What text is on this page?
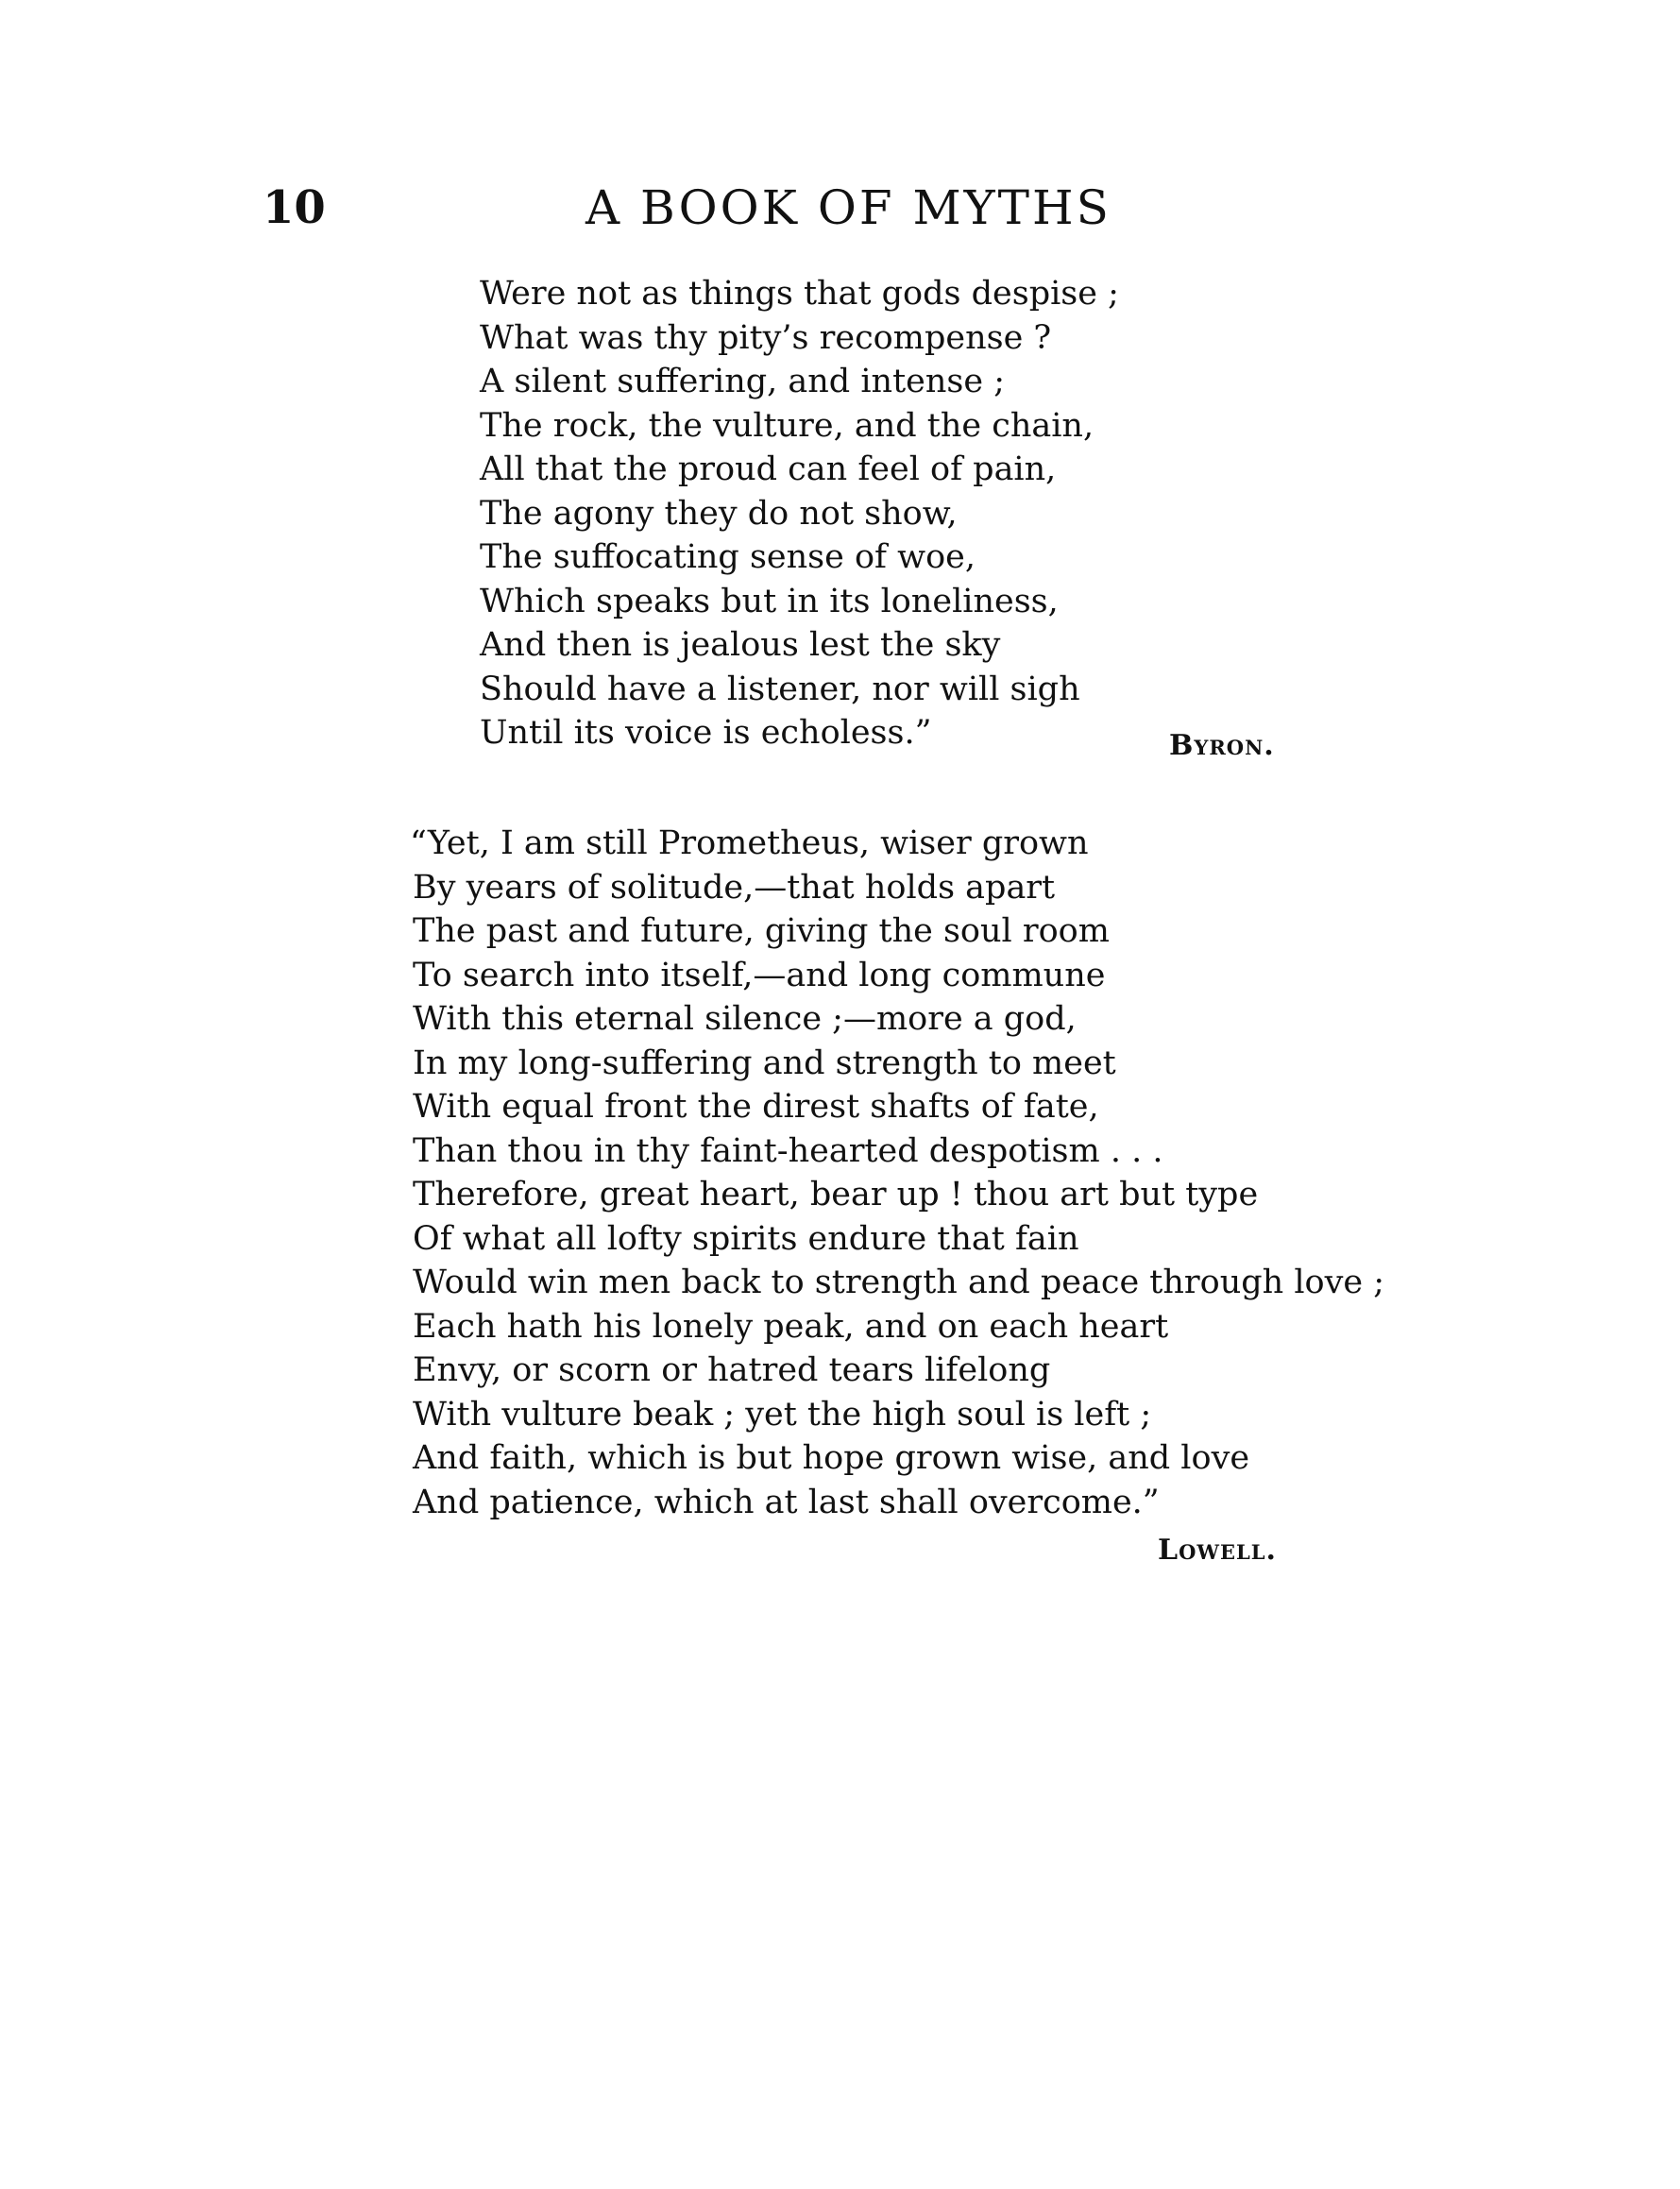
10	A BOOK OF MYTHS
Were not as things that gods despise ;
What was thy pity’s recompense ?
A silent suffering, and intense ;
The rock, the vulture, and the chain,
All that the proud can feel of pain,
The agony they do not show,
The suffocating sense of woe,
Which speaks but in its loneliness,
And then is jealous lest the sky
Should have a listener, nor will sigh
Until its voice is echoless.”	Byron.
“Yet, I am still Prometheus, wiser grown
By years of solitude,—that holds apart
The past and future, giving the soul room
To search into itself,—and long commune
With this eternal silence ;—more a god,
In my long-suffering and strength to meet
With equal front the direst shafts of fate,
Than thou in thy faint-hearted despotism . . .
Therefore, great heart, bear up ! thou art but type
Of what all lofty spirits endure that fain
Would win men back to strength and peace through love ;
Each hath his lonely peak, and on each heart
Envy, or scorn or hatred tears lifelong
With vulture beak ; yet the high soul is left ;
And faith, which is but hope grown wise, and love
And patience, which at last shall overcome.”
Lowell.
